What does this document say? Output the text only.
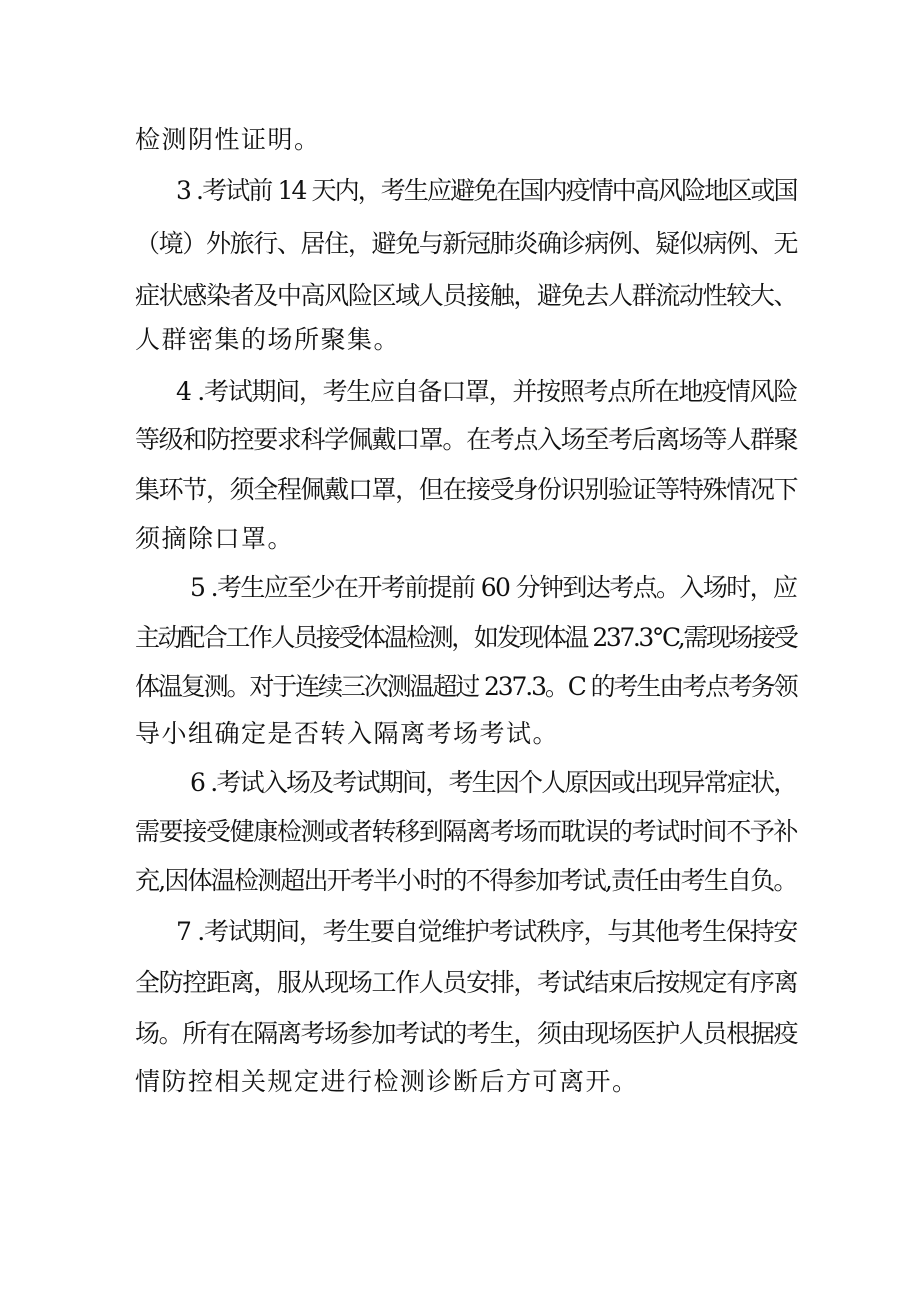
检测阴性证明。
3 .考试前 14 天内，考生应避免在国内疫情中高风险地区或国
（境）外旅行、居住，避免与新冠肺炎确诊病例、疑似病例、无
症状感染者及中高风险区域人员接触，避免去人群流动性较大、
人群密集的场所聚集。
4 .考试期间，考生应自备口罩，并按照考点所在地疫情风险
等级和防控要求科学佩戴口罩。在考点入场至考后离场等人群聚
集环节，须全程佩戴口罩，但在接受身份识别验证等特殊情况下
须摘除口罩。
5 .考生应至少在开考前提前 60 分钟到达考点。入场时，应
主动配合工作人员接受体温检测，如发现体温 237.3°C,需现场接受
体温复测。对于连续三次测温超过 237.3。C 的考生由考点考务领
导小组确定是否转入隔离考场考试。
6 .考试入场及考试期间，考生因个人原因或出现异常症状，
需要接受健康检测或者转移到隔离考场而耽误的考试时间不予补
充,因体温检测超出开考半小时的不得参加考试,责任由考生自负。
7 .考试期间，考生要自觉维护考试秩序，与其他考生保持安
全防控距离，服从现场工作人员安排，考试结束后按规定有序离
场。所有在隔离考场参加考试的考生，须由现场医护人员根据疫
情防控相关规定进行检测诊断后方可离开。
